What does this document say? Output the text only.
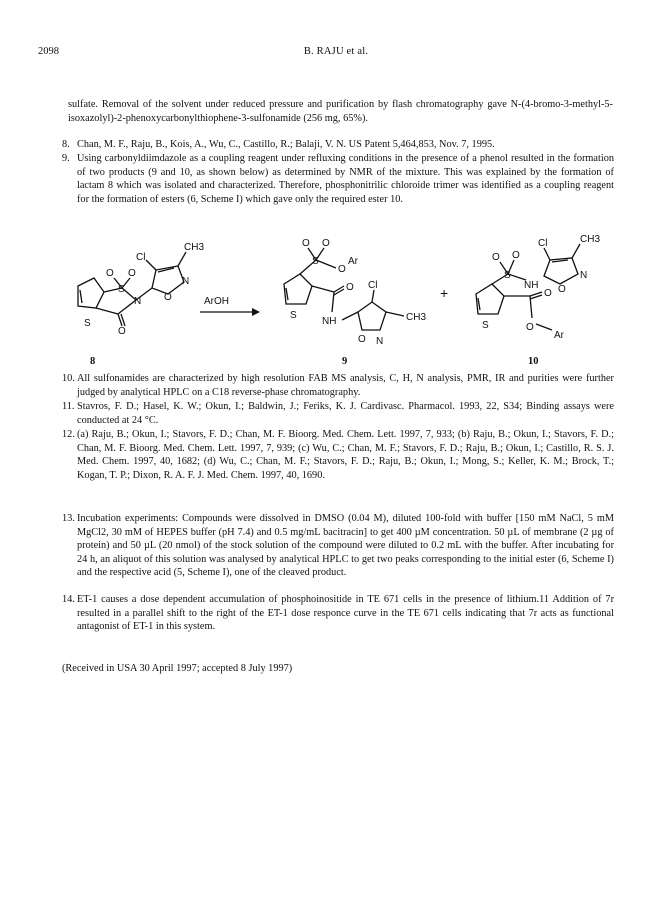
2098	B. RAJU et al.
sulfate. Removal of the solvent under reduced pressure and purification by flash chromatography gave N-(4-bromo-3-methyl-5-isoxazolyl)-2-phenoxycarbonylthiophene-3-sulfonamide (256 mg, 65%).
8. Chan, M. F., Raju, B., Kois, A., Wu, C., Castillo, R.; Balaji, V. N. US Patent 5,464,853, Nov. 7, 1995.
9. Using carbonyldiimdazole as a coupling reagent under refluxing conditions in the presence of a phenol resulted in the formation of two products (9 and 10, as shown below) as determined by NMR of the mixture. This was explained by the formation of lactam 8 which was isolated and characterized. Therefore, phosphonitrilic chloroide trimer was identified as a coupling reagent for the formation of esters (6, Scheme I) which gave only the required ester 10.
S
O
S
N
O O
Cl
CH3
N
O	ArOH
S
S
O O
O
Ar
O Cl
NH	CH3
O N
+
S
S
O O
NH
O
O
Ar
Cl	CH3
N
O
8	9	10
10. All sulfonamides are characterized by high resolution FAB MS analysis, C, H, N analysis, PMR, IR and purities were further judged by analytical HPLC on a C18 reverse-phase chromatography.
11. Stavros, F. D.; Hasel, K. W.; Okun, I.; Baldwin, J.; Feriks, K. J. Cardivasc. Pharmacol. 1993, 22, S34; Binding assays were conducted at 24 °C.
12. (a) Raju, B.; Okun, I.; Stavors, F. D.; Chan, M. F. Bioorg. Med. Chem. Lett. 1997, 7, 933; (b) Raju, B.; Okun, I.; Stavors, F. D.; Chan, M. F. Bioorg. Med. Chem. Lett. 1997, 7, 939; (c) Wu, C.; Chan, M. F.; Stavors, F. D.; Raju, B.; Okun, I.; Castillo, R. S. J. Med. Chem. 1997, 40, 1682; (d) Wu, C.; Chan, M. F.; Stavors, F. D.; Raju, B.; Okun, I.; Mong, S.; Keller, K. M.; Brock, T.; Kogan, T. P.; Dixon, R. A. F. J. Med. Chem. 1997, 40, 1690.
13. Incubation experiments: Compounds were dissolved in DMSO (0.04 M), diluted 100-fold with buffer [150 mM NaCl, 5 mM MgCl2, 30 mM of HEPES buffer (pH 7.4) and 0.5 mg/mL bacitracin] to get 400 µM concentration. 50 µL of membrane (2 µg of protein) and 50 µL (20 nmol) of the stock solution of the compound were diluted to 0.2 mL with the buffer. After incubating for 24 h, an aliquot of this solution was analysed by analytical HPLC to get two peaks corresponding to the initial ester (6, Scheme I) and the respective acid (5, Scheme I), one of the cleaved product.
14. ET-1 causes a dose dependent accumulation of phosphoinositide in TE 671 cells in the presence of lithium.11 Addition of 7r resulted in a parallel shift to the right of the ET-1 dose responce curve in the TE 671 cells indicating that 7r acts as functional antagonist of ET-1 in this system.
(Received in USA 30 April 1997; accepted 8 July 1997)
